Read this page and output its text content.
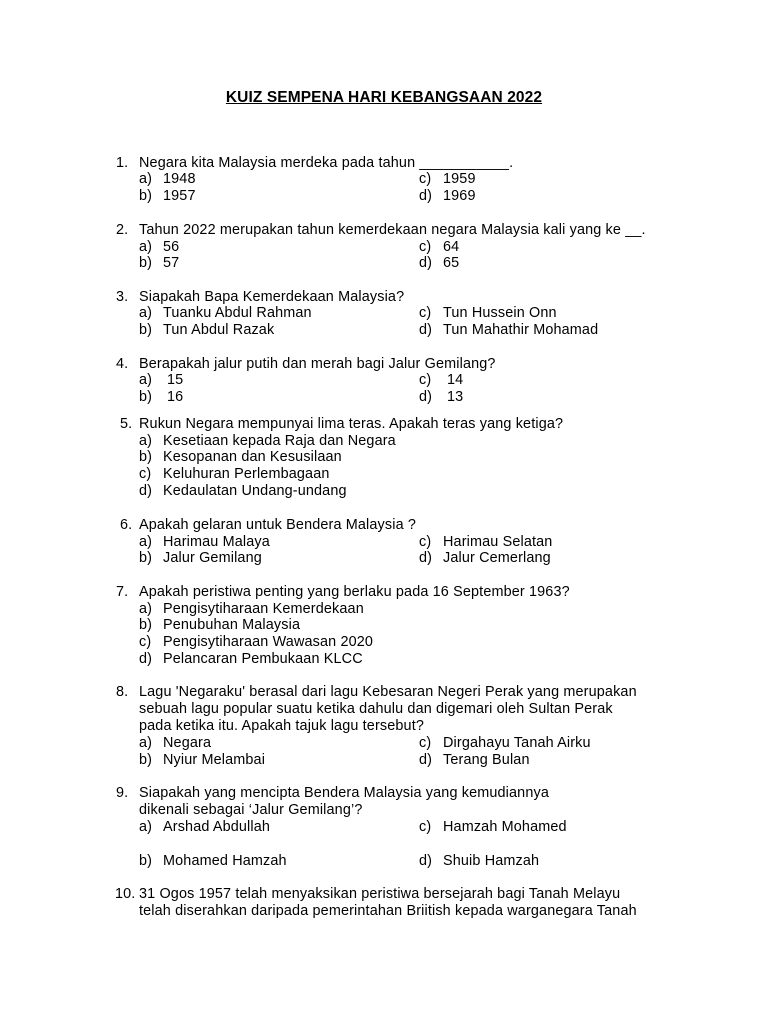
KUIZ SEMPENA HARI KEBANGSAAN 2022
1. Negara kita Malaysia merdeka pada tahun ___________.
a) 1948	c) 1959
b) 1957	d) 1969
2. Tahun 2022 merupakan tahun kemerdekaan negara Malaysia kali yang ke __.
a) 56	c) 64
b) 57	d) 65
3. Siapakah Bapa Kemerdekaan Malaysia?
a) Tuanku Abdul Rahman	c) Tun Hussein Onn
b) Tun Abdul Razak	d) Tun Mahathir Mohamad
4. Berapakah jalur putih dan merah bagi Jalur Gemilang?
a) 15	c) 14
b) 16	d) 13
5. Rukun Negara mempunyai lima teras. Apakah teras yang ketiga?
a) Kesetiaan kepada Raja dan Negara
b) Kesopanan dan Kesusilaan
c) Keluhuran Perlembagaan
d) Kedaulatan Undang-undang
6. Apakah gelaran untuk Bendera Malaysia ?
a) Harimau Malaya	c) Harimau Selatan
b) Jalur Gemilang	d) Jalur Cemerlang
7. Apakah peristiwa penting yang berlaku pada 16 September 1963?
a) Pengisytiharaan Kemerdekaan
b) Penubuhan Malaysia
c) Pengisytiharaan Wawasan 2020
d) Pelancaran Pembukaan KLCC
8. Lagu 'Negaraku' berasal dari lagu Kebesaran Negeri Perak yang merupakan
sebuah lagu popular suatu ketika dahulu dan digemari oleh Sultan Perak
pada ketika itu. Apakah tajuk lagu tersebut?
a) Negara	c) Dirgahayu Tanah Airku
b) Nyiur Melambai	d) Terang Bulan
9. Siapakah yang mencipta Bendera Malaysia yang kemudiannya
dikenali sebagai ‘Jalur Gemilang’?
a) Arshad Abdullah	c) Hamzah Mohamed
b) Mohamed Hamzah	d) Shuib Hamzah
10. 31 Ogos 1957 telah menyaksikan peristiwa bersejarah bagi Tanah Melayu
telah diserahkan daripada pemerintahan Briitish kepada warganegara Tanah
